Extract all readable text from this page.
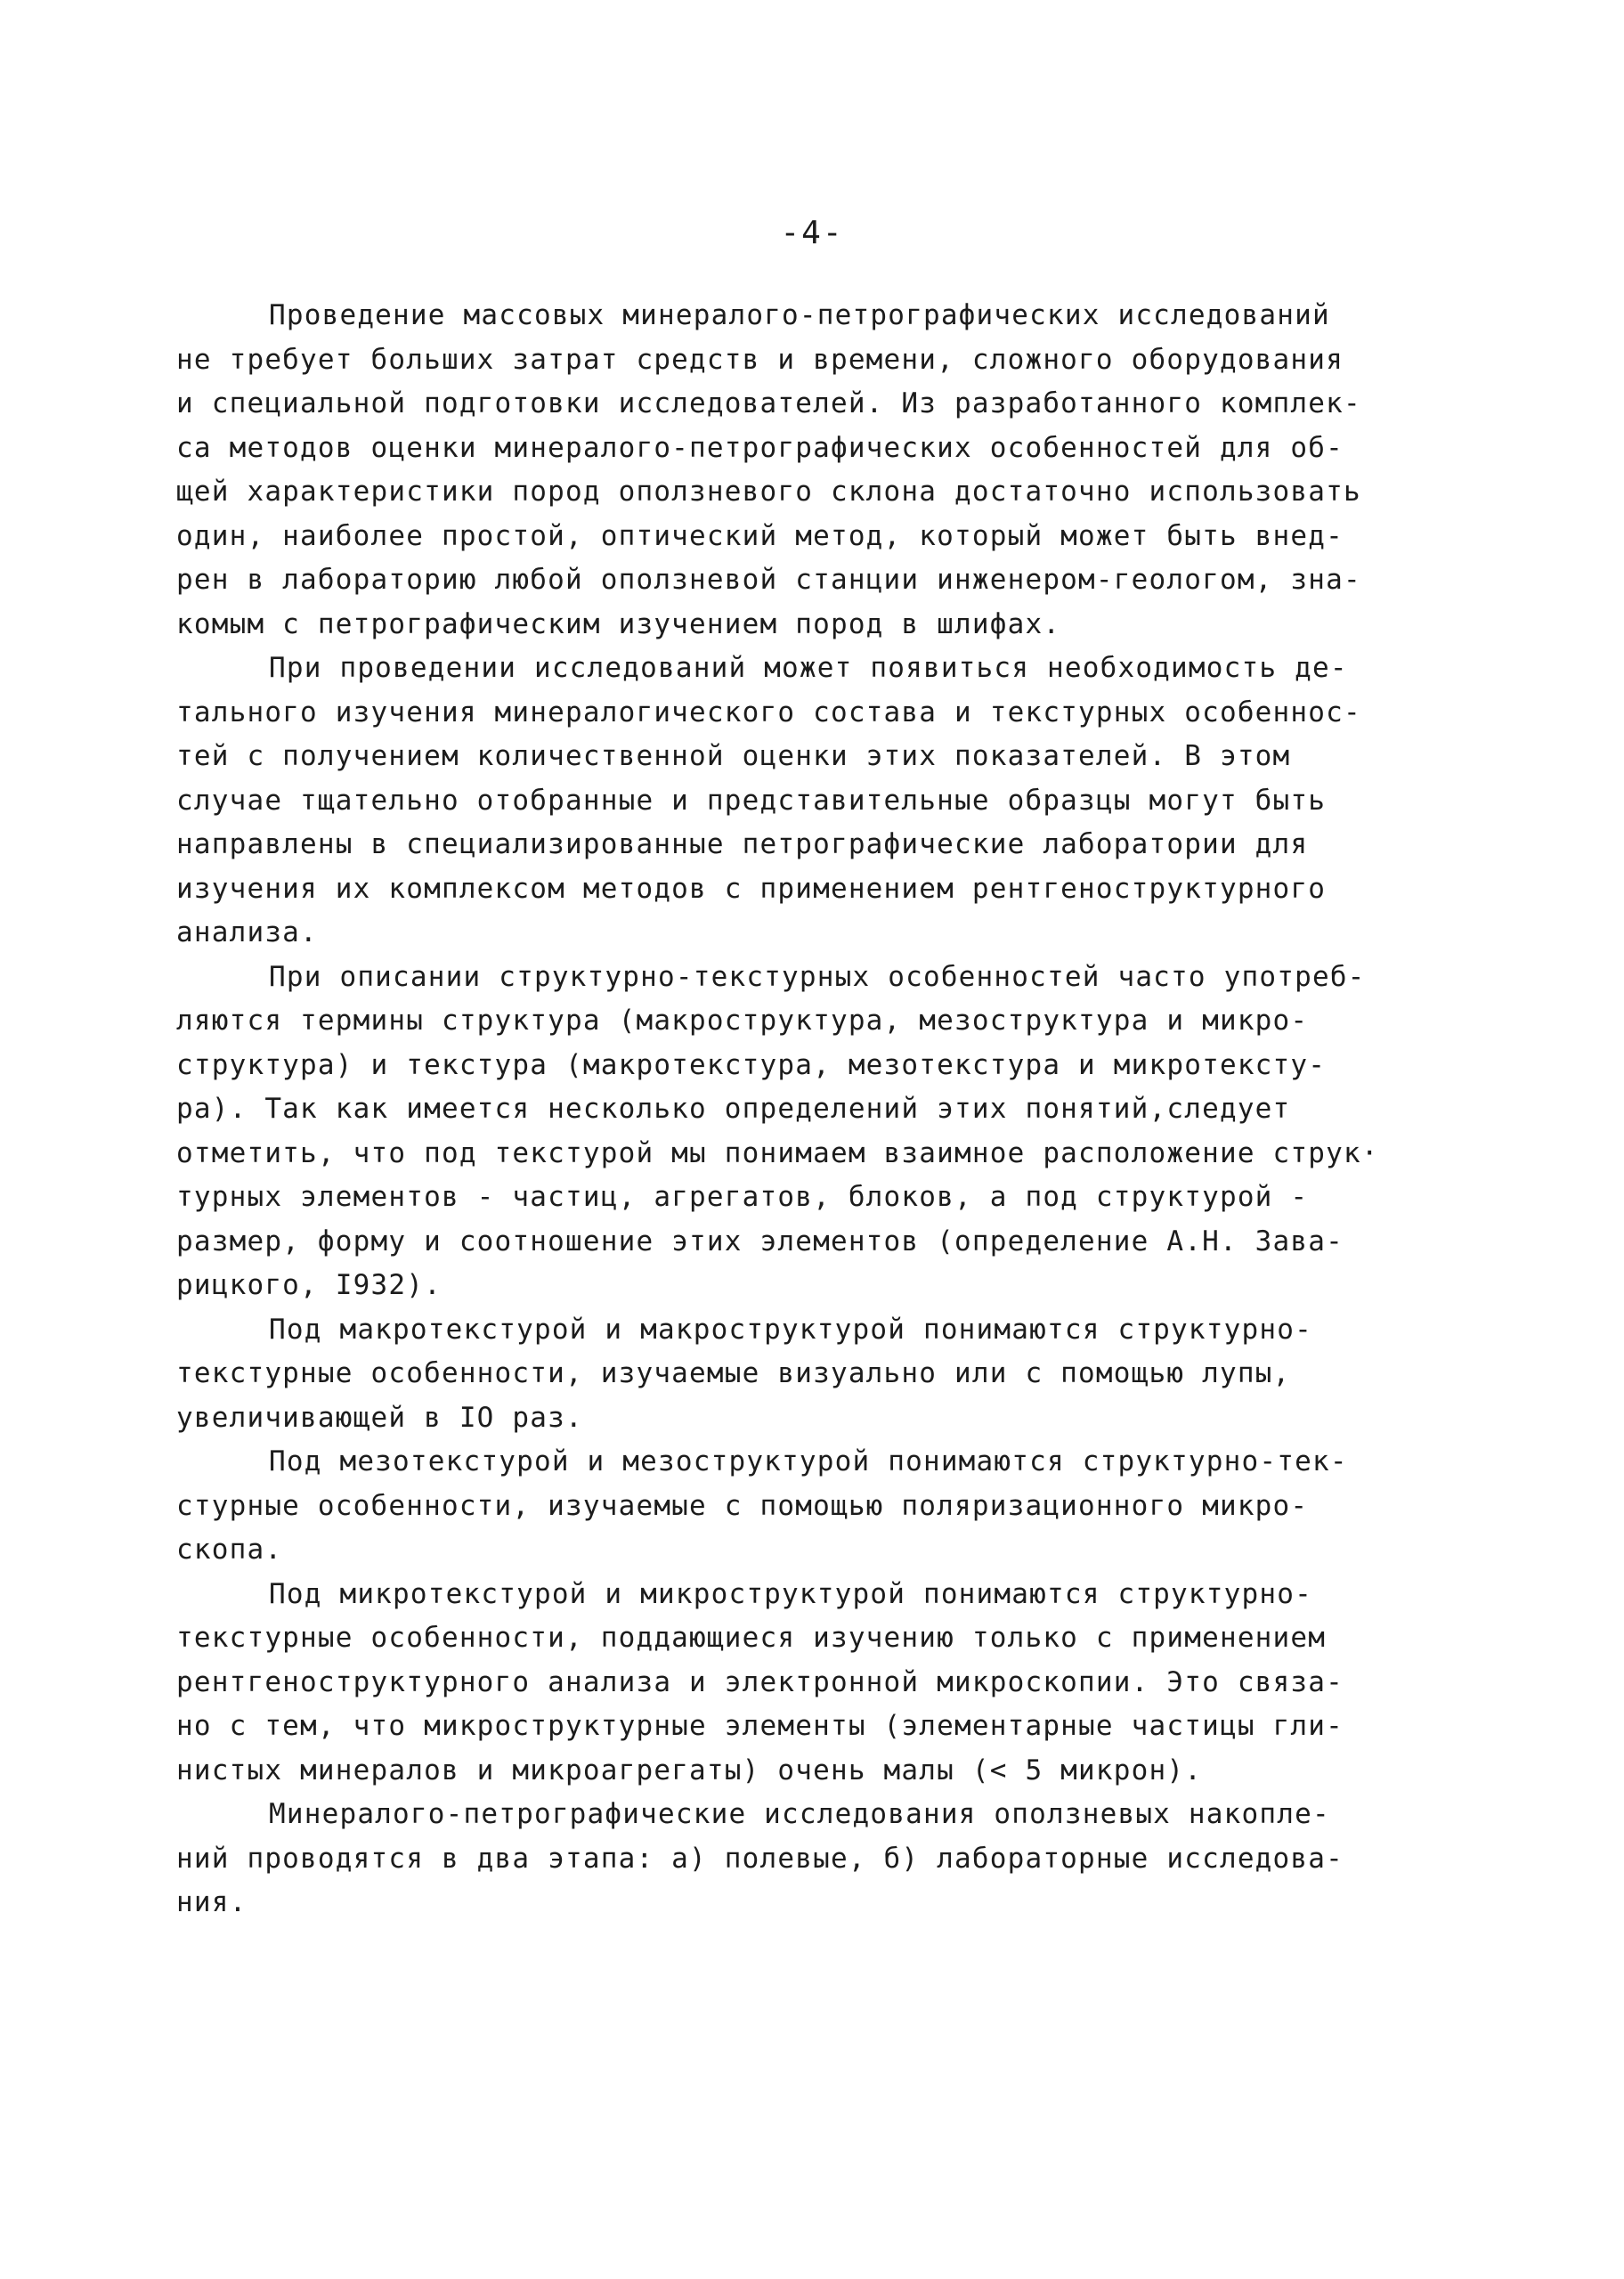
-4-
Проведение массовых минералого-петрографических исследований
не требует больших затрат средств и времени, сложного оборудования
и специальной подготовки исследователей. Из разработанного комплек-
са методов оценки минералого-петрографических особенностей для об-
щей характеристики пород оползневого склона достаточно использовать
один, наиболее простой, оптический метод, который может быть внед-
рен в лабораторию любой оползневой станции инженером-геологом, зна-
комым с петрографическим изучением пород в шлифах.
При проведении исследований может появиться необходимость де-
тального изучения минералогического состава и текстурных особеннос-
тей с получением количественной оценки этих показателей. В этом
случае тщательно отобранные и представительные образцы могут быть
направлены в специализированные петрографические лаборатории для
изучения их комплексом методов с применением рентгеноструктурного
анализа.
При описании структурно-текстурных особенностей часто употреб-
ляются термины структура (макроструктура, мезоструктура и микро-
структура) и текстура (макротекстура, мезотекстура и микротексту-
ра). Так как имеется несколько определений этих понятий,следует
отметить, что под текстурой мы понимаем взаимное расположение струк·
турных элементов - частиц, агрегатов, блоков, а под структурой -
размер, форму и соотношение этих элементов (определение А.Н. Зава-
рицкого, I932).
Под макротекстурой и макроструктурой понимаются структурно-
текстурные особенности, изучаемые визуально или с помощью лупы,
увеличивающей в IO раз.
Под мезотекстурой и мезоструктурой понимаются структурно-тек-
стурные особенности, изучаемые с помощью поляризационного микро-
скопа.
Под микротекстурой и микроструктурой понимаются структурно-
текстурные особенности, поддающиеся изучению только с применением
рентгеноструктурного анализа и электронной микроскопии. Это связа-
но с тем, что микроструктурные элементы (элементарные частицы гли-
нистых минералов и микроагрегаты) очень малы (< 5 микрон).
Минералого-петрографические исследования оползневых накопле-
ний проводятся в два этапа: а) полевые, б) лабораторные исследова-
ния.
